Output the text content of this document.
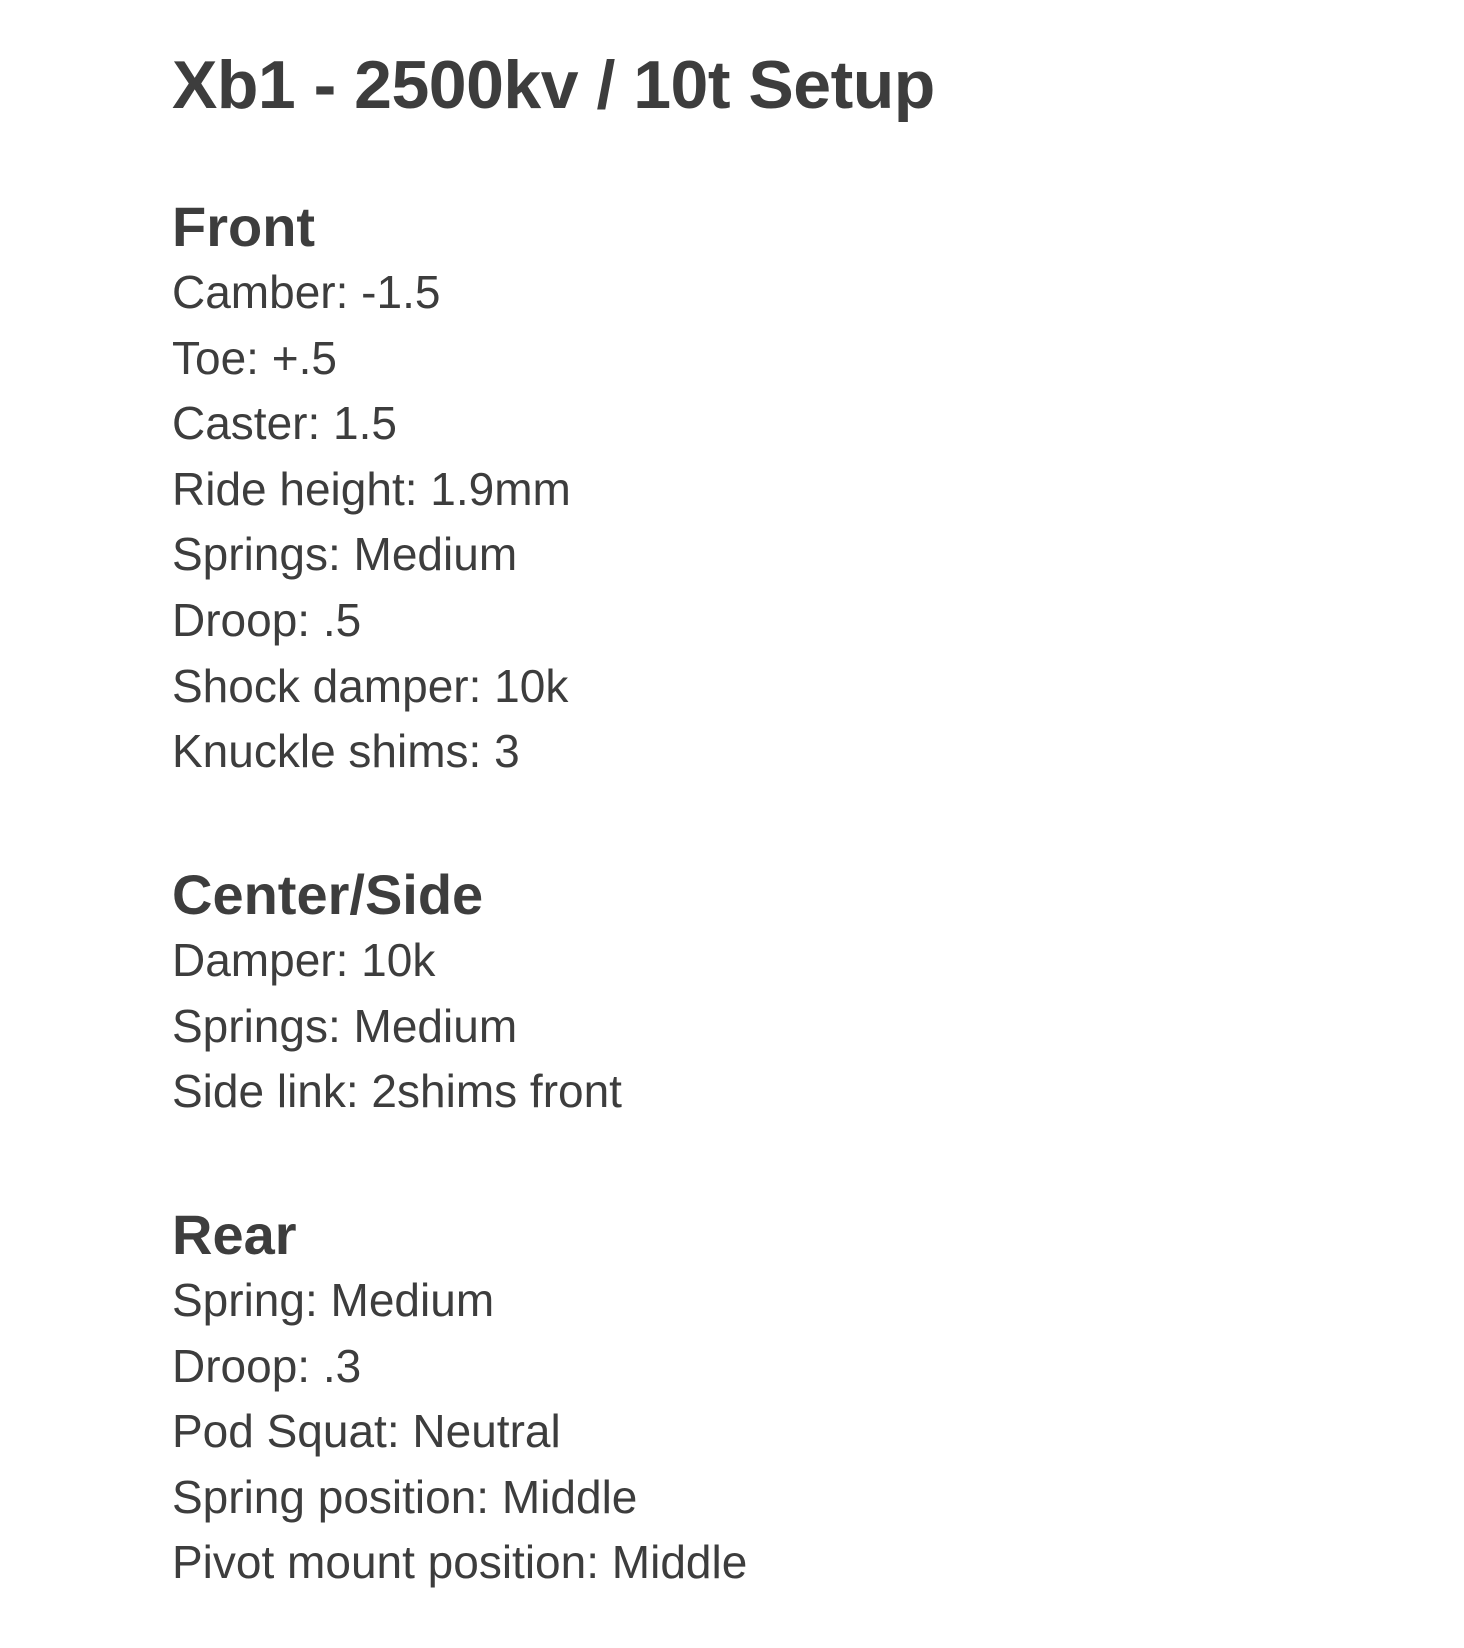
Xb1 - 2500kv / 10t Setup
Front
Camber: -1.5
Toe: +.5
Caster: 1.5
Ride height: 1.9mm
Springs: Medium
Droop: .5
Shock damper: 10k
Knuckle shims: 3
Center/Side
Damper: 10k
Springs: Medium
Side link: 2shims front
Rear
Spring: Medium
Droop: .3
Pod Squat: Neutral
Spring position: Middle
Pivot mount position: Middle
